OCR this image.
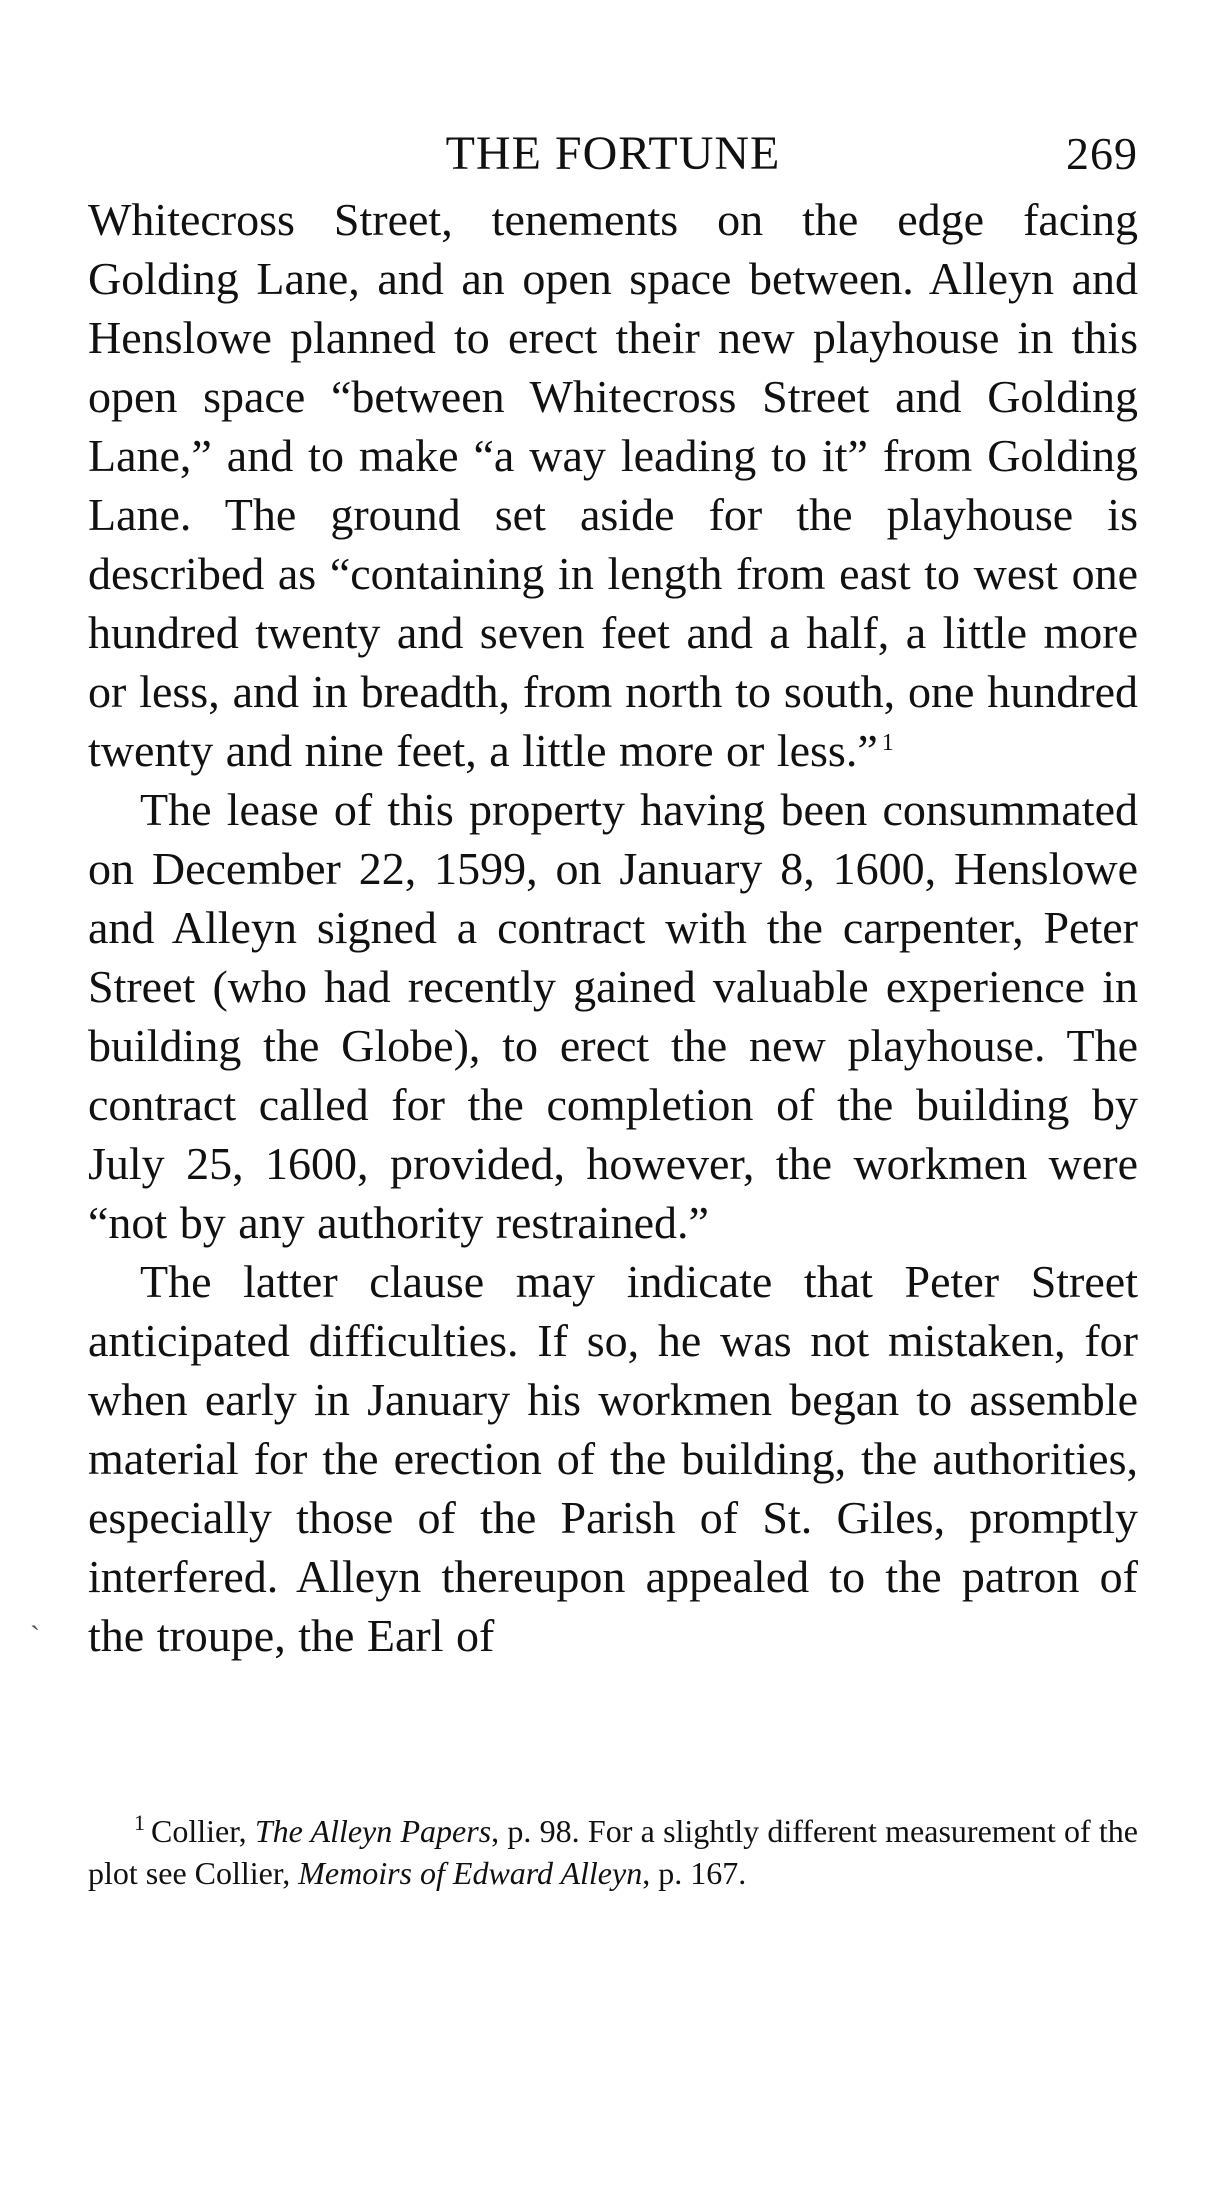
THE FORTUNE	269

Whitecross Street, tenements on the edge facing Golding Lane, and an open space between. Alleyn and Henslowe planned to erect their new playhouse in this open space “between Whitecross Street and Golding Lane,” and to make “a way leading to it” from Golding Lane. The ground set aside for the playhouse is described as “containing in length from east to west one hundred twenty and seven feet and a half, a little more or less, and in breadth, from north to south, one hundred twenty and nine feet, a little more or less.” $^1$

The lease of this property having been consummated on December 22, 1599, on January 8, 1600, Henslowe and Alleyn signed a contract with the carpenter, Peter Street (who had recently gained valuable experience in building the Globe), to erect the new playhouse. The contract called for the completion of the building by July 25, 1600, provided, however, the workmen were “not by any authority restrained.”

The latter clause may indicate that Peter Street anticipated difficulties. If so, he was not mistaken, for when early in January his workmen began to assemble material for the erection of the building, the authorities, especially those of the Parish of St. Giles, promptly interfered. Alleyn thereupon appealed to the patron of the troupe, the Earl of

`
$^1$ Collier, The Alleyn Papers, p. 98. For a slightly different measurement of the plot see Collier, Memoirs of Edward Alleyn, p. 167.
